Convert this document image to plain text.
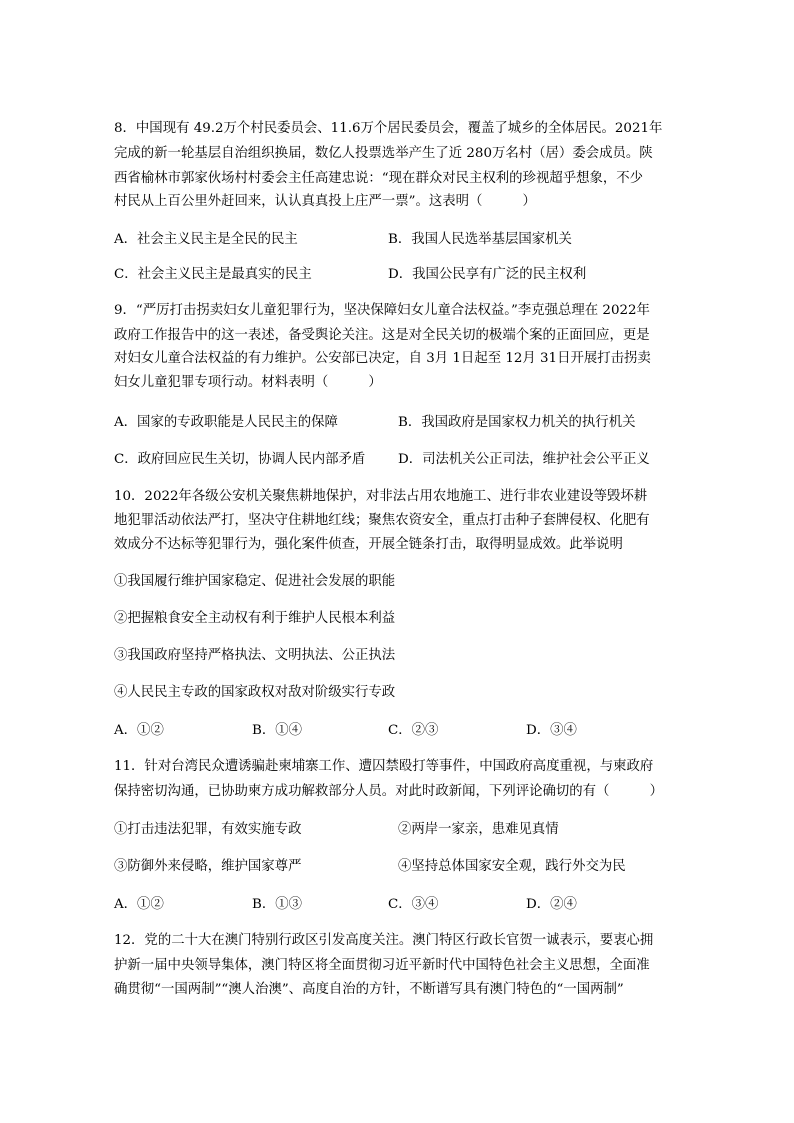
8．中国现有 49.2万个村民委员会、11.6万个居民委员会，覆盖了城乡的全体居民。2021年
完成的新一轮基层自治组织换届，数亿人投票选举产生了近 280万名村（居）委会成员。陕
西省榆林市郭家伙场村村委会主任高建忠说：“现在群众对民主权利的珍视超乎想象，不少
村民从上百公里外赶回来，认认真真投上庄严一票”。这表明（　　　）
A．社会主义民主是全民的民主	B．我国人民选举基层国家机关
C．社会主义民主是最真实的民主	D．我国公民享有广泛的民主权利
9．“严厉打击拐卖妇女儿童犯罪行为，坚决保障妇女儿童合法权益。”李克强总理在 2022年
政府工作报告中的这一表述，备受舆论关注。这是对全民关切的极端个案的正面回应，更是
对妇女儿童合法权益的有力维护。公安部已决定，自 3月 1日起至 12月 31日开展打击拐卖
妇女儿童犯罪专项行动。材料表明（　　　）
A．国家的专政职能是人民民主的保障	B．我国政府是国家权力机关的执行机关
C．政府回应民生关切，协调人民内部矛盾 D．司法机关公正司法，维护社会公平正义
10．2022年各级公安机关聚焦耕地保护，对非法占用农地施工、进行非农业建设等毁坏耕
地犯罪活动依法严打，坚决守住耕地红线；聚焦农资安全，重点打击种子套牌侵权、化肥有
效成分不达标等犯罪行为，强化案件侦查，开展全链条打击，取得明显成效。此举说明
①我国履行维护国家稳定、促进社会发展的职能
②把握粮食安全主动权有利于维护人民根本利益
③我国政府坚持严格执法、文明执法、公正执法
④人民民主专政的国家政权对敌对阶级实行专政
A．①②	B．①④	C．②③	D．③④
11．针对台湾民众遭诱骗赴柬埔寨工作、遭囚禁殴打等事件，中国政府高度重视，与柬政府
保持密切沟通，已协助柬方成功解救部分人员。对此时政新闻，下列评论确切的有（　　　）
①打击违法犯罪，有效实施专政	②两岸一家亲，患难见真情
③防御外来侵略，维护国家尊严	④坚持总体国家安全观，践行外交为民
A．①②	B．①③	C．③④	D．②④
12．党的二十大在澳门特别行政区引发高度关注。澳门特区行政长官贺一诚表示，要衷心拥
护新一届中央领导集体，澳门特区将全面贯彻习近平新时代中国特色社会主义思想，全面准
确贯彻“一国两制”“澳人治澳”、高度自治的方针，不断谱写具有澳门特色的“一国两制”
